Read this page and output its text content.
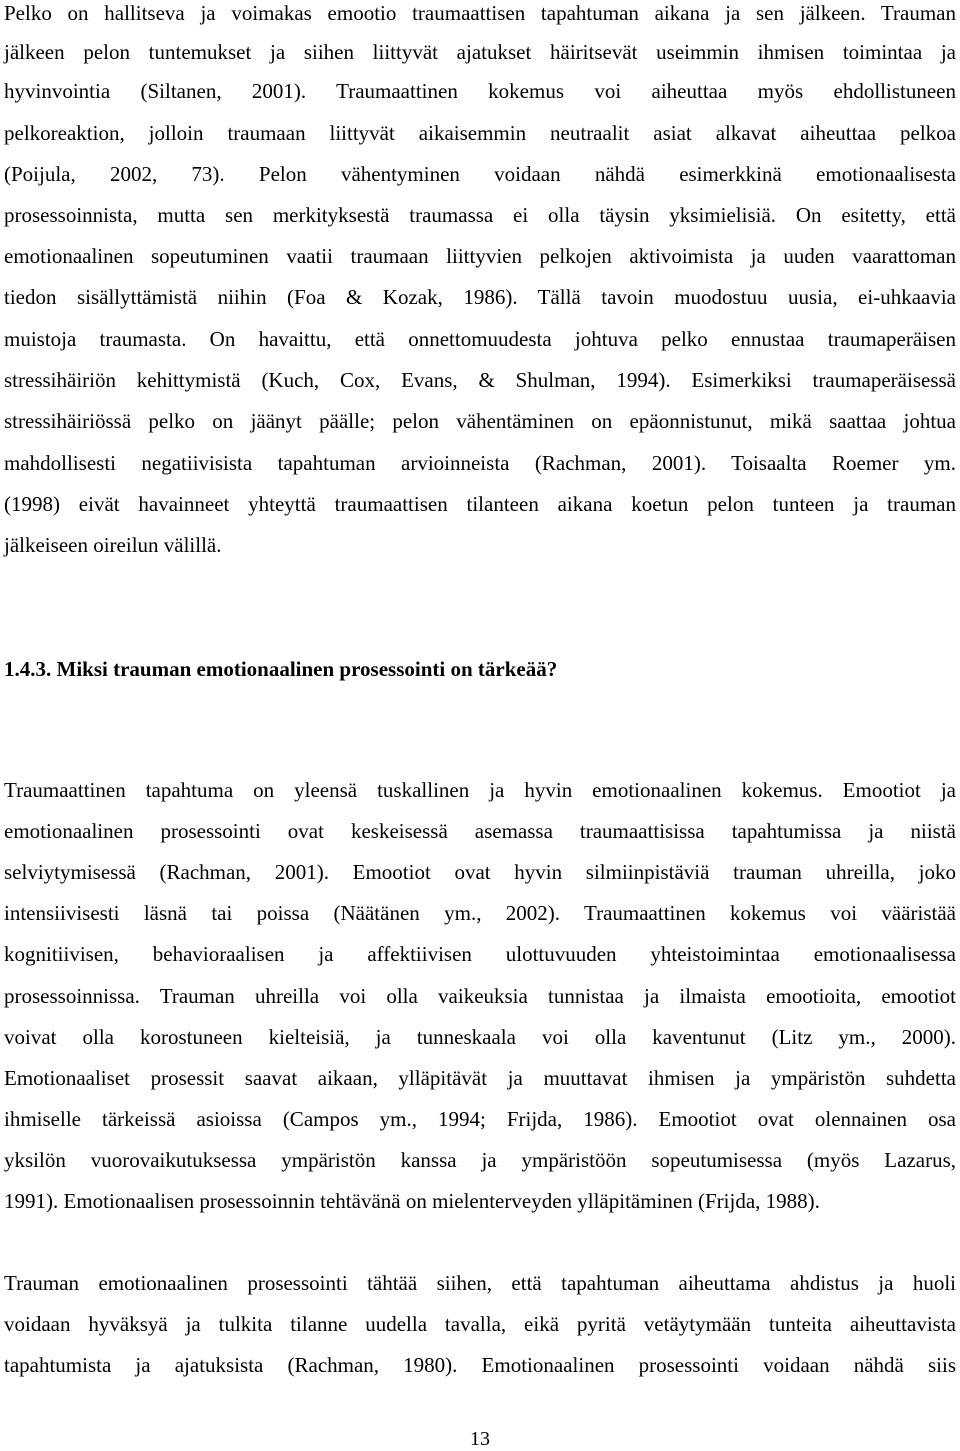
Pelko on hallitseva ja voimakas emootio traumaattisen tapahtuman aikana ja sen jälkeen. Trauman
jälkeen pelon tuntemukset ja siihen liittyvät ajatukset häiritsevät useimmin ihmisen toimintaa ja
hyvinvointia (Siltanen, 2001). Traumaattinen kokemus voi aiheuttaa myös ehdollistuneen
pelkoreaktion, jolloin traumaan liittyvät aikaisemmin neutraalit asiat alkavat aiheuttaa pelkoa
(Poijula, 2002, 73). Pelon vähentyminen voidaan nähdä esimerkkinä emotionaalisesta
prosessoinnista, mutta sen merkityksestä traumassa ei olla täysin yksimielisiä. On esitetty, että
emotionaalinen sopeutuminen vaatii traumaan liittyvien pelkojen aktivoimista ja uuden vaarattoman
tiedon sisällyttämistä niihin (Foa & Kozak, 1986). Tällä tavoin muodostuu uusia, ei-uhkaavia
muistoja traumasta. On havaittu, että onnettomuudesta johtuva pelko ennustaa traumaperäisen
stressihäiriön kehittymistä (Kuch, Cox, Evans, & Shulman, 1994). Esimerkiksi traumaperäisessä
stressihäiriössä pelko on jäänyt päälle; pelon vähentäminen on epäonnistunut, mikä saattaa johtua
mahdollisesti negatiivisista tapahtuman arvioinneista (Rachman, 2001). Toisaalta Roemer ym.
(1998) eivät havainneet yhteyttä traumaattisen tilanteen aikana koetun pelon tunteen ja trauman
jälkeiseen oireilun välillä.
1.4.3. Miksi trauman emotionaalinen prosessointi on tärkeää?
Traumaattinen tapahtuma on yleensä tuskallinen ja hyvin emotionaalinen kokemus. Emootiot ja
emotionaalinen prosessointi ovat keskeisessä asemassa traumaattisissa tapahtumissa ja niistä
selviytymisessä (Rachman, 2001). Emootiot ovat hyvin silmiinpistäviä trauman uhreilla, joko
intensiivisesti läsnä tai poissa (Näätänen ym., 2002). Traumaattinen kokemus voi vääristää
kognitiivisen, behavioraalisen ja affektiivisen ulottuvuuden yhteistoimintaa emotionaalisessa
prosessoinnissa. Trauman uhreilla voi olla vaikeuksia tunnistaa ja ilmaista emootioita, emootiot
voivat olla korostuneen kielteisiä, ja tunneskaala voi olla kaventunut (Litz ym., 2000).
Emotionaaliset prosessit saavat aikaan, ylläpitävät ja muuttavat ihmisen ja ympäristön suhdetta
ihmiselle tärkeissä asioissa (Campos ym., 1994; Frijda, 1986). Emootiot ovat olennainen osa
yksilön vuorovaikutuksessa ympäristön kanssa ja ympäristöön sopeutumisessa (myös Lazarus,
1991). Emotionaalisen prosessoinnin tehtävänä on mielenterveyden ylläpitäminen (Frijda, 1988).
Trauman emotionaalinen prosessointi tähtää siihen, että tapahtuman aiheuttama ahdistus ja huoli
voidaan hyväksyä ja tulkita tilanne uudella tavalla, eikä pyritä vetäytymään tunteita aiheuttavista
tapahtumista ja ajatuksista (Rachman, 1980). Emotionaalinen prosessointi voidaan nähdä siis
13
